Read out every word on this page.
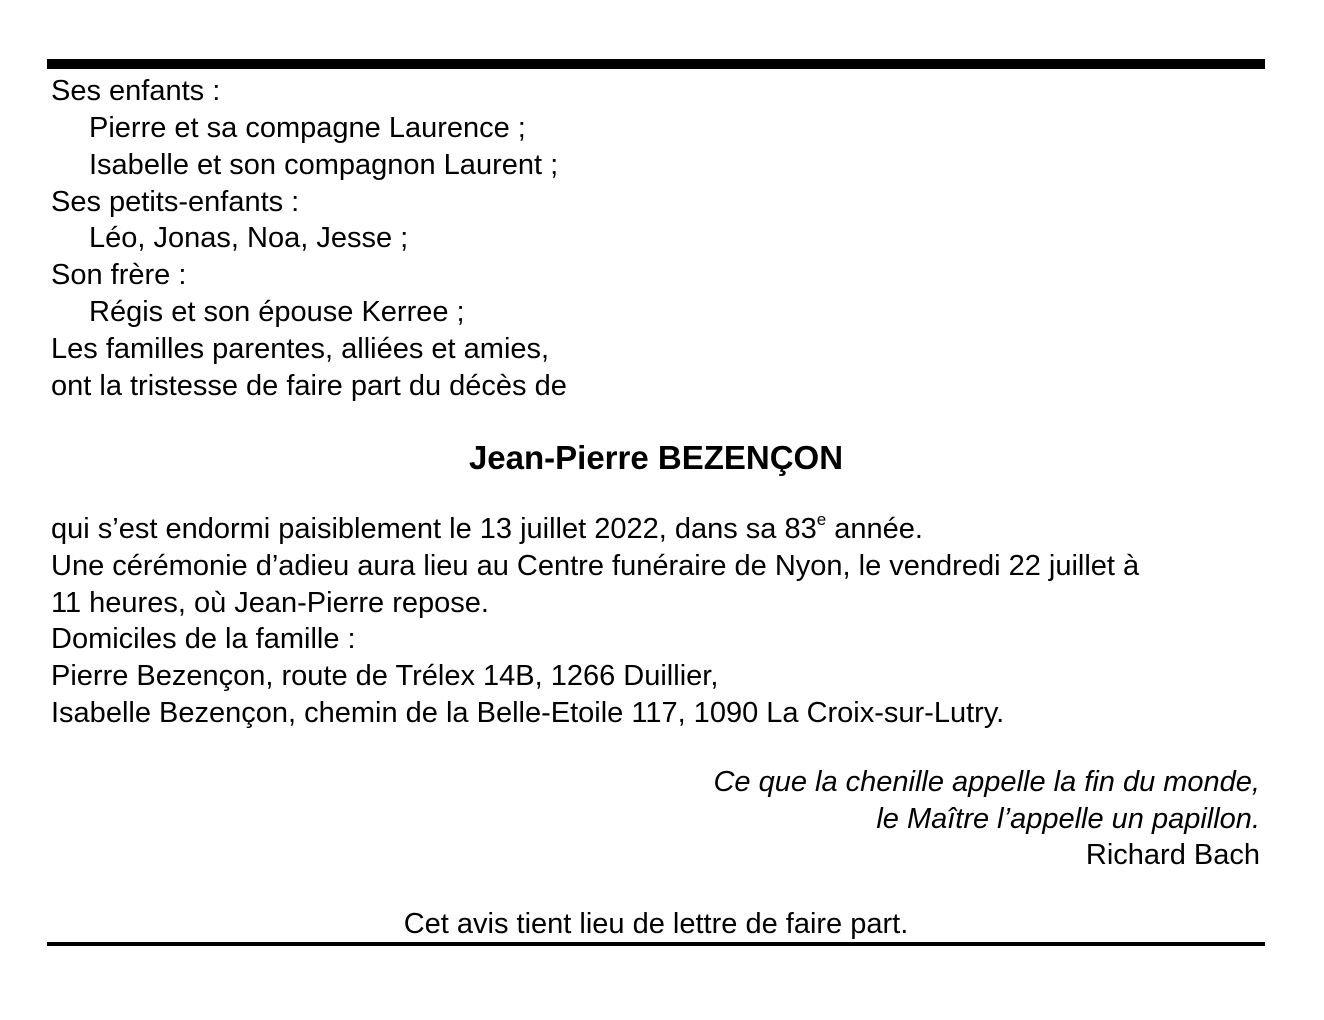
Ses enfants :
Pierre et sa compagne Laurence ;
Isabelle et son compagnon Laurent ;
Ses petits-enfants :
Léo, Jonas, Noa, Jesse ;
Son frère :
Régis et son épouse Kerree ;
Les familles parentes, alliées et amies,
ont la tristesse de faire part du décès de
Jean-Pierre BEZENÇON
qui s’est endormi paisiblement le 13 juillet 2022, dans sa 83e année.
Une cérémonie d’adieu aura lieu au Centre funéraire de Nyon, le vendredi 22 juillet à
11 heures, où Jean-Pierre repose.
Domiciles de la famille :
Pierre Bezençon, route de Trélex 14B, 1266 Duillier,
Isabelle Bezençon, chemin de la Belle-Etoile 117, 1090 La Croix-sur-Lutry.
Ce que la chenille appelle la fin du monde,
le Maître l’appelle un papillon.
Richard Bach
Cet avis tient lieu de lettre de faire part.
